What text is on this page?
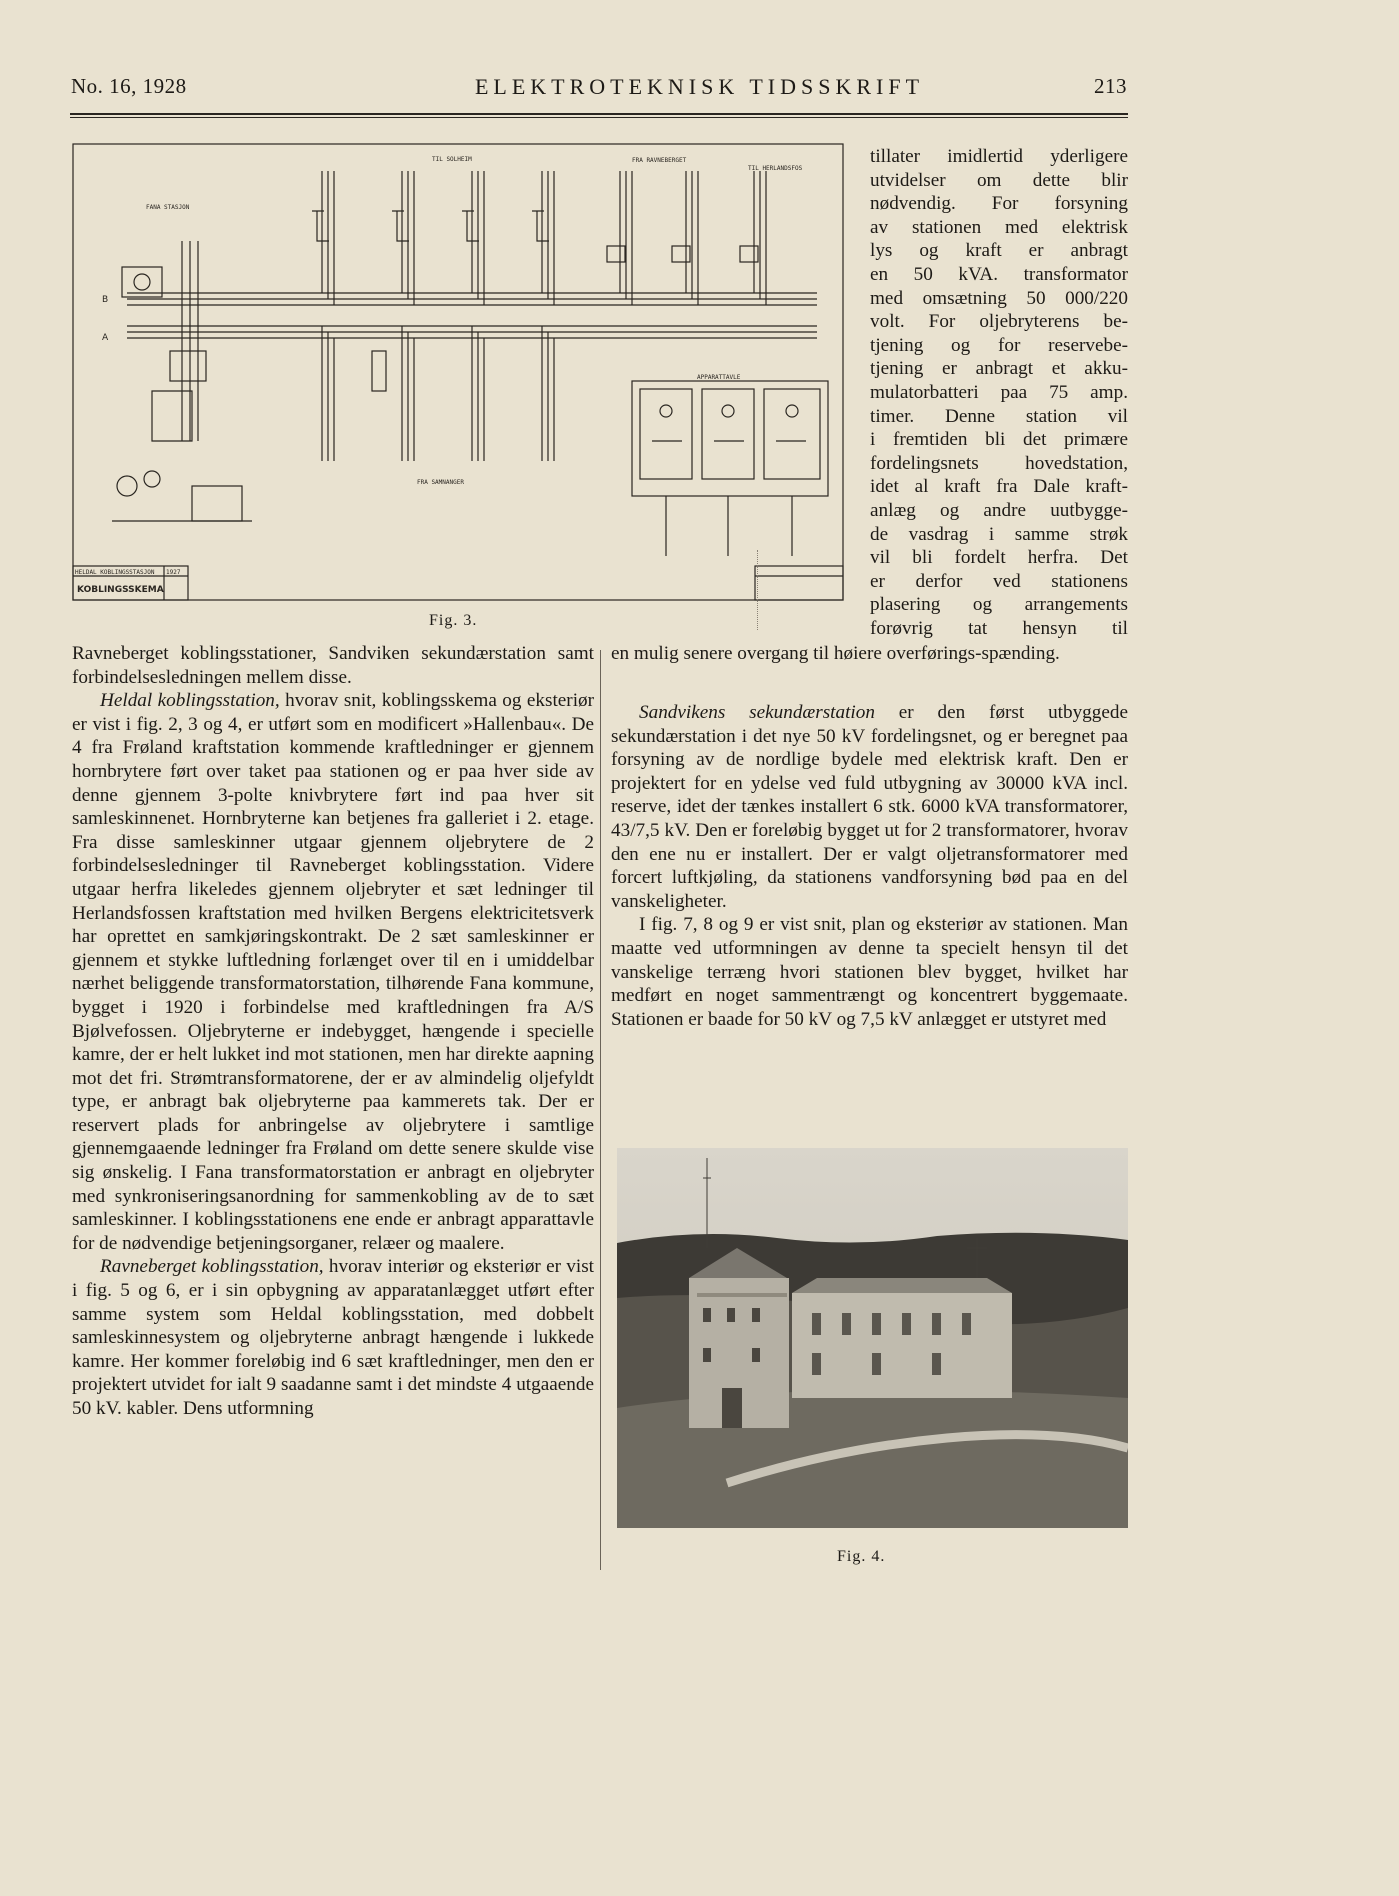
No. 16, 1928	ELEKTROTEKNISK TIDSSKRIFT	213
FANA STASJON
TIL SOLHEIM	FRA RAVNEBERGET
TIL HERLANDSFOS
FRA SAMNANGER
APPARATTAVLE
HELDAL KOBLINGSSTASJON 1927
B
A
KOBLINGSSKEMA
Fig. 3.
tillater imidlertid yderligere
utvidelser om dette blir
nødvendig. For forsyning
av stationen med elektrisk
lys og kraft er anbragt
en 50 kVA. transformator
med omsætning 50 000/220
volt. For oljebryterens be-
tjening og for reservebe-
tjening er anbragt et akku-
mulatorbatteri paa 75 amp.
timer. Denne station vil
i fremtiden bli det primære
fordelingsnets hovedstation,
idet al kraft fra Dale kraft-
anlæg og andre uutbygge-
de vasdrag i samme strøk
vil bli fordelt herfra. Det
er derfor ved stationens
plasering og arrangements
forøvrig tat hensyn til

en mulig senere overgang til høiere overførings-spænding.

Ravneberget koblingsstationer, Sandviken sekundærstation samt forbindelsesledningen mellem disse.

Heldal koblingsstation, hvorav snit, koblingsskema og eksteriør er vist i fig. 2, 3 og 4, er utført som en modificert »Hallenbau«. De 4 fra Frøland kraftstation kommende kraftledninger er gjennem hornbrytere ført over taket paa stationen og er paa hver side av denne gjennem 3-polte knivbrytere ført ind paa hver sit samleskinnenet. Hornbryterne kan betjenes fra galleriet i 2. etage. Fra disse samleskinner utgaar gjennem oljebrytere de 2 forbindelsesledninger til Ravneberget koblingsstation. Videre utgaar herfra likeledes gjennem oljebryter et sæt ledninger til Herlandsfossen kraftstation med hvilken Bergens elektricitetsverk har oprettet en samkjøringskontrakt. De 2 sæt samleskinner er gjennem et stykke luftledning forlænget over til en i umiddelbar nærhet beliggende transformatorstation, tilhørende Fana kommune, bygget i 1920 i forbindelse med kraftledningen fra A/S Bjølvefossen. Oljebryterne er indebygget, hængende i specielle kamre, der er helt lukket ind mot stationen, men har direkte aapning mot det fri. Strømtransformatorene, der er av almindelig oljefyldt type, er anbragt bak oljebryterne paa kammerets tak. Der er reservert plads for anbringelse av oljebrytere i samtlige gjennemgaaende ledninger fra Frøland om dette senere skulde vise sig ønskelig. I Fana transformatorstation er anbragt en oljebryter med synkroniseringsanordning for sammenkobling av de to sæt samleskinner. I koblingsstationens ene ende er anbragt apparattavle for de nødvendige betjeningsorganer, relæer og maalere.

Ravneberget koblingsstation, hvorav interiør og eksteriør er vist i fig. 5 og 6, er i sin opbygning av apparatanlægget utført efter samme system som Heldal koblingsstation, med dobbelt samleskinnesystem og oljebryterne anbragt hængende i lukkede kamre. Her kommer foreløbig ind 6 sæt kraftledninger, men den er projektert utvidet for ialt 9 saadanne samt i det mindste 4 utgaaende 50 kV. kabler. Dens utformning

Sandvikens sekundærstation er den først utbyggede sekundærstation i det nye 50 kV fordelingsnet, og er beregnet paa forsyning av de nordlige bydele med elektrisk kraft. Den er projektert for en ydelse ved fuld utbygning av 30000 kVA incl. reserve, idet der tænkes installert 6 stk. 6000 kVA transformatorer, 43/7,5 kV. Den er foreløbig bygget ut for 2 transformatorer, hvorav den ene nu er installert. Der er valgt oljetransformatorer med forcert luftkjøling, da stationens vandforsyning bød paa en del vanskeligheter.

I fig. 7, 8 og 9 er vist snit, plan og eksteriør av stationen. Man maatte ved utformningen av denne ta specielt hensyn til det vanskelige terræng hvori stationen blev bygget, hvilket har medført en noget sammentrængt og koncentrert byggemaate. Stationen er baade for 50 kV og 7,5 kV anlægget er utstyret med

Fig. 4.
